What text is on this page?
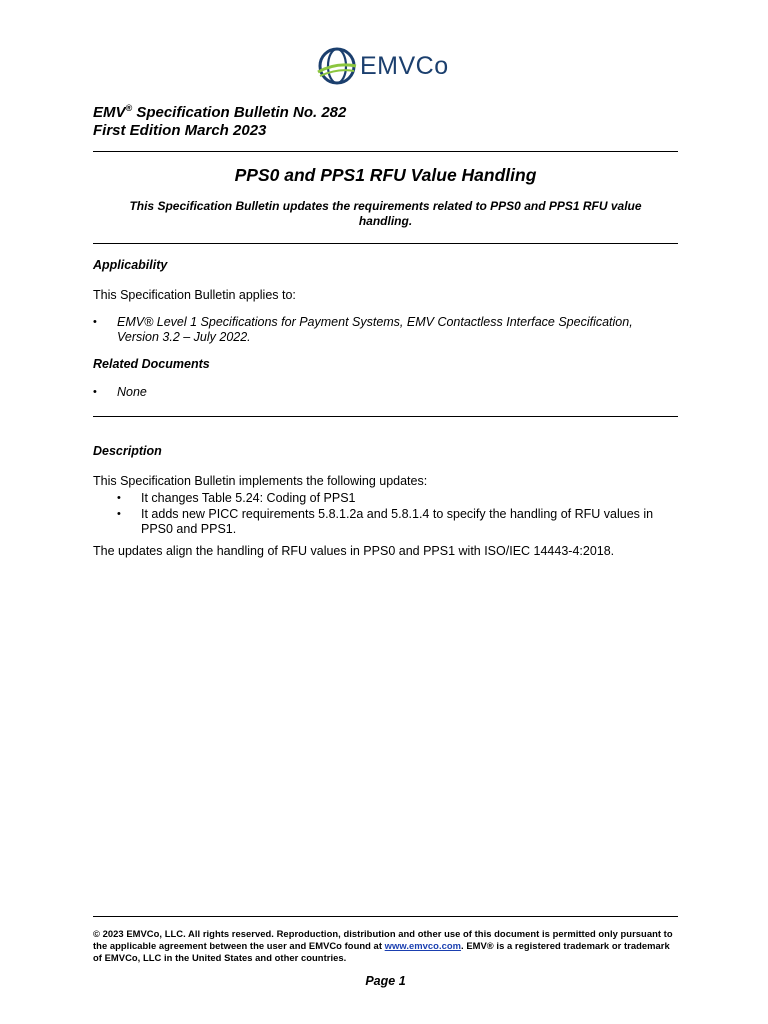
EMVCo
EMV® Specification Bulletin No. 282
First Edition March 2023
PPS0 and PPS1 RFU Value Handling
This Specification Bulletin updates the requirements related to PPS0 and PPS1 RFU value handling.
Applicability
This Specification Bulletin applies to:
•	EMV® Level 1 Specifications for Payment Systems, EMV Contactless Interface Specification, Version 3.2 – July 2022.
Related Documents
•	None
Description
This Specification Bulletin implements the following updates:
•	It changes Table 5.24: Coding of PPS1
•	It adds new PICC requirements 5.8.1.2a and 5.8.1.4 to specify the handling of RFU values in PPS0 and PPS1.
The updates align the handling of RFU values in PPS0 and PPS1 with ISO/IEC 14443-4:2018.
© 2023 EMVCo, LLC. All rights reserved. Reproduction, distribution and other use of this document is permitted only pursuant to the applicable agreement between the user and EMVCo found at www.emvco.com. EMV® is a registered trademark or trademark of EMVCo, LLC in the United States and other countries.
Page 1
